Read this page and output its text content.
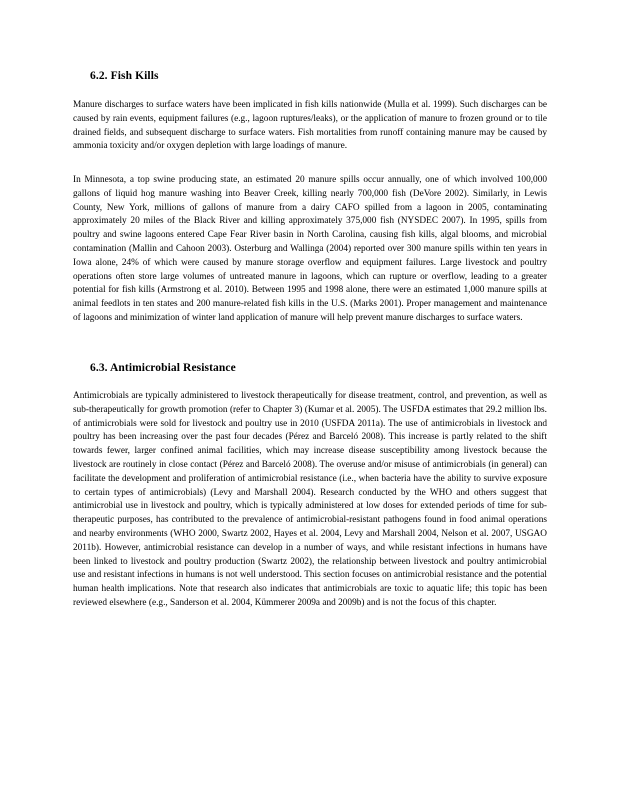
6.2. Fish Kills

Manure discharges to surface waters have been implicated in fish kills nationwide (Mulla et al. 1999). Such discharges can be caused by rain events, equipment failures (e.g., lagoon ruptures/leaks), or the application of manure to frozen ground or to tile drained fields, and subsequent discharge to surface waters. Fish mortalities from runoff containing manure may be caused by ammonia toxicity and/or oxygen depletion with large loadings of manure.

In Minnesota, a top swine producing state, an estimated 20 manure spills occur annually, one of which involved 100,000 gallons of liquid hog manure washing into Beaver Creek, killing nearly 700,000 fish (DeVore 2002). Similarly, in Lewis County, New York, millions of gallons of manure from a dairy CAFO spilled from a lagoon in 2005, contaminating approximately 20 miles of the Black River and killing approximately 375,000 fish (NYSDEC 2007). In 1995, spills from poultry and swine lagoons entered Cape Fear River basin in North Carolina, causing fish kills, algal blooms, and microbial contamination (Mallin and Cahoon 2003). Osterburg and Wallinga (2004) reported over 300 manure spills within ten years in Iowa alone, 24% of which were caused by manure storage overflow and equipment failures. Large livestock and poultry operations often store large volumes of untreated manure in lagoons, which can rupture or overflow, leading to a greater potential for fish kills (Armstrong et al. 2010). Between 1995 and 1998 alone, there were an estimated 1,000 manure spills at animal feedlots in ten states and 200 manure-related fish kills in the U.S. (Marks 2001). Proper management and maintenance of lagoons and minimization of winter land application of manure will help prevent manure discharges to surface waters.

6.3. Antimicrobial Resistance

Antimicrobials are typically administered to livestock therapeutically for disease treatment, control, and prevention, as well as sub-therapeutically for growth promotion (refer to Chapter 3) (Kumar et al. 2005). The USFDA estimates that 29.2 million lbs. of antimicrobials were sold for livestock and poultry use in 2010 (USFDA 2011a). The use of antimicrobials in livestock and poultry has been increasing over the past four decades (Pérez and Barceló 2008). This increase is partly related to the shift towards fewer, larger confined animal facilities, which may increase disease susceptibility among livestock because the livestock are routinely in close contact (Pérez and Barceló 2008). The overuse and/or misuse of antimicrobials (in general) can facilitate the development and proliferation of antimicrobial resistance (i.e., when bacteria have the ability to survive exposure to certain types of antimicrobials) (Levy and Marshall 2004). Research conducted by the WHO and others suggest that antimicrobial use in livestock and poultry, which is typically administered at low doses for extended periods of time for sub-therapeutic purposes, has contributed to the prevalence of antimicrobial-resistant pathogens found in food animal operations and nearby environments (WHO 2000, Swartz 2002, Hayes et al. 2004, Levy and Marshall 2004, Nelson et al. 2007, USGAO 2011b). However, antimicrobial resistance can develop in a number of ways, and while resistant infections in humans have been linked to livestock and poultry production (Swartz 2002), the relationship between livestock and poultry antimicrobial use and resistant infections in humans is not well understood. This section focuses on antimicrobial resistance and the potential human health implications. Note that research also indicates that antimicrobials are toxic to aquatic life; this topic has been reviewed elsewhere (e.g., Sanderson et al. 2004, Kümmerer 2009a and 2009b) and is not the focus of this chapter.
